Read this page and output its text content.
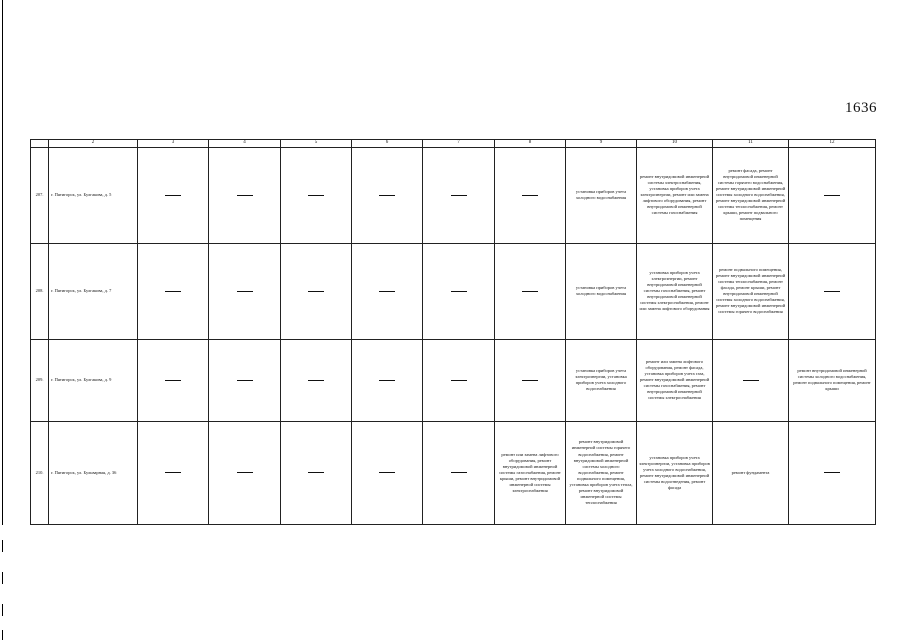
1636
	2	3	4	5	6	7	8	9	10	11	12
207.	г. Пятигорск, ул. Булгакова, д. 5							установка приборов учета холодного водоснабжения	ремонт внутридомовой инженерной системы электроснабжения, установка приборов учета электроэнергии, ремонт или замена лифтового оборудования, ремонт внутридомовой инженерной системы газоснабжения	ремонт фасада, ремонт внутридомовой инженерной системы горячего водоснабжения, ремонт внутридомовой инженерной системы холодного водоснабжения, ремонт внутридомовой инженерной системы теплоснабжения, ремонт крыши, ремонт подвального помещения	
208.	г. Пятигорск, ул. Булгакова, д. 7							установка приборов учета холодного водоснабжения	установка приборов учета электроэнергии, ремонт внутридомовой инженерной системы газоснабжения, ремонт внутридомовой инженерной системы электроснабжения, ремонт или замена лифтового оборудования	ремонт подвального помещения, ремонт внутридомовой инженерной системы теплоснабжения, ремонт фасада, ремонт крыши, ремонт внутридомовой инженерной системы холодного водоснабжения, ремонт внутридомовой инженерной системы горячего водоснабжения	
209.	г. Пятигорск, ул. Булгакова, д. 9							установка приборов учета электроэнергии, установка приборов учета холодного водоснабжения	ремонт или замена лифтового оборудования, ремонт фасада, установка приборов учета газа, ремонт внутридомовой инженерной системы газоснабжения, ремонт внутридомовой инженерной системы электроснабжения		ремонт внутридомовой инженерной системы холодного водоснабжения, ремонт подвального помещения, ремонт крыши
210.	г. Пятигорск, ул. Бульварная, д. 36						ремонт или замена лифтового оборудования, ремонт внутридомовой инженерной системы газоснабжения, ремонт крыши, ремонт внутридомовой инженерной системы электроснабжения	ремонт внутридомовой инженерной системы горячего водоснабжения, ремонт внутридомовой инженерной системы холодного водоснабжения, ремонт подвального помещения, установка приборов учета тепла, ремонт внутридомовой инженерной системы теплоснабжения	установка приборов учета электроэнергии, установка приборов учета холодного водоснабжения, ремонт внутридомовой инженерной системы водоотведения, ремонт фасада	ремонт фундамента	
